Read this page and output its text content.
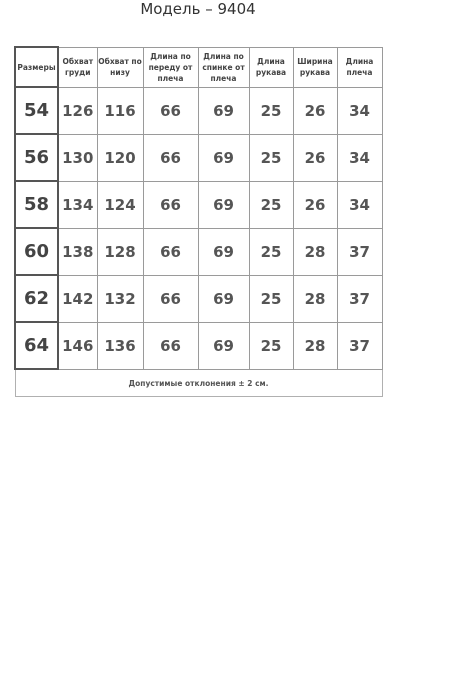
Модель – 9404
Размеры	Обхват груди	Обхват по низу	Длина по переду от плеча	Длина по спинке от плеча	Длина рукава	Ширина рукава	Длина плеча
54	126	116	66	69	25	26	34
56	130	120	66	69	25	26	34
58	134	124	66	69	25	26	34
60	138	128	66	69	25	28	37
62	142	132	66	69	25	28	37
64	146	136	66	69	25	28	37
Допустимые отклонения ± 2 см.							
